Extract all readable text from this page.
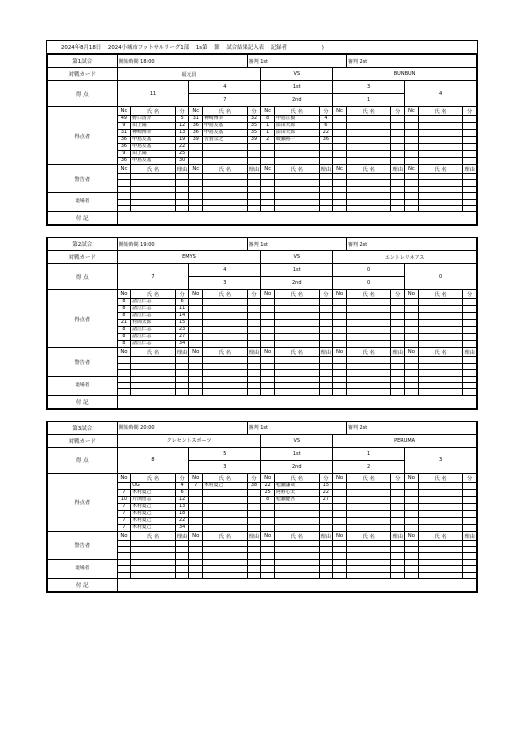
2024年8月18日 2024小城市フットサルリーグ1部 1s第 節 試合結果記入表 記録者	)
第1試合	開始時間 18:00					審判 1st					審判 2st				
対戦カード	福元員						VS			BUNBUN					
得 点	11			4			1st			3			4		
				7			2nd			1					
得点者	Nc	氏 名	分	Nc	氏 名	分	Nc	氏 名	分	Nc	氏 名	分	Nc	氏 名	分
	49	野口清介	5	31	神崎博幸	32	8	中島正毅	4						
	9	田上陽	12	36	中島友基	35	1	前田大郎	6						
	31	神崎博幸	13	36	中島友基	35	1	前田大郎	22						
	36	中島友基	19	39	古賀宗之	39	2	綾瀬裕一	36						
	36	中島友基	22												
	9	田上陽	25												
	36	中島友基	30												
警告者	Nc	氏 名	理由	Nc	氏 名	理由	Nc	氏 名	理由	Nc	氏 名	理由	Nc	氏 名	理由

退場者															

付 記															
第2試合	開始時間 19:00					審判 1st					審判 2st				
対戦カード	EMYS						VS			エントレリネアス					
得 点	7			4			1st			0			0		
				3			2nd			0					
得点者	No	氏 名	分	No	氏 名	分	No	氏 名	分	No	氏 名	分	No	氏 名	分
	8	諸江仁志	6												
	8	諸江仁志	11												
	8	諸江仁志	14												
	21	村岡太郎	15												
	8	諸江仁志	23												
	8	諸江仁志	27												
	8	諸江仁志	34												
警告者	No	氏 名	理由	No	氏 名	理由	No	氏 名	理由	No	氏 名	理由	No	氏 名	理由

退場者															

付 記															
第3試合	開始時間 20:00					審判 1st					審判 2st				
対戦カード	クレセントスポーツ						VS			PERUMA					
得 点	8			5			1st			1			3		
				3			2nd			2					
得点者	No	氏 名	分	No	氏 名	分	No	氏 名	分	No	氏 名	分	No	氏 名	分
		OG	4	7	木村夏己	38	22	松瀬謙哉	15						
	7	木村夏己	6				25	阿野心太	22						
	10	片渕悟志	12				8	松瀬健吾	27						
	7	木村夏己	13												
	7	木村夏己	18												
	7	木村夏己	22												
	7	木村夏己	34												
警告者	No	氏 名	理由	No	氏 名	理由	No	氏 名	理由	No	氏 名	理由	No	氏 名	理由

退場者															

付 記															
